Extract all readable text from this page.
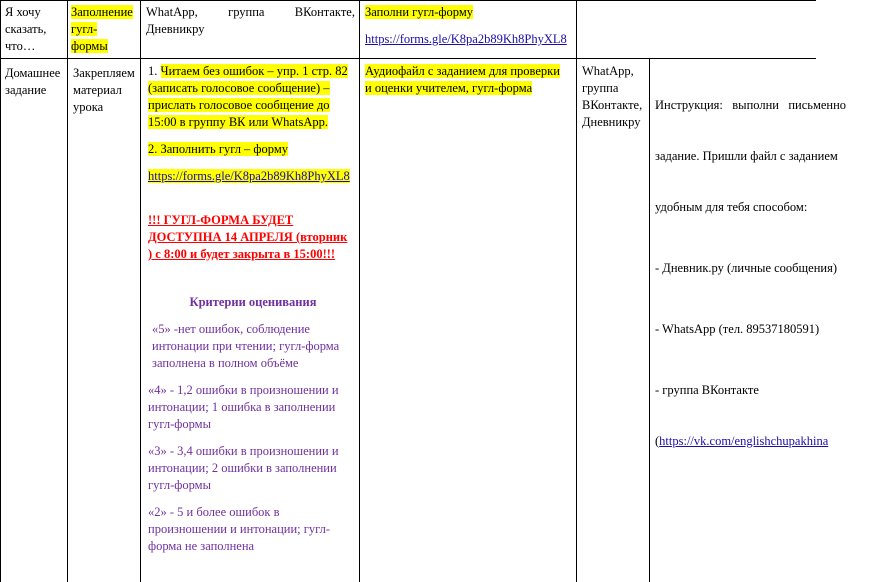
Я хочу

сказать,

что…

Заполнение

гугл-

формы

WhatApp, группа ВКонтакте,

Дневникру

Заполни гугл-форму

https://forms.gle/K8pa2b89Kh8PhyXL8

Домашнее

задание

Закрепляем

материал

урока

1. Читаем без ошибок – упр. 1 стр. 82

(записать голосовое сообщение) –

прислать голосовое сообщение до

15:00 в группу ВК или WhatsApp.

2. Заполнить гугл – форму

https://forms.gle/K8pa2b89Kh8PhyXL8

!!! ГУГЛ-ФОРМА БУДЕТ

ДОСТУПНА 14 АПРЕЛЯ (вторник

) с 8:00 и будет закрыта в 15:00!!!

Критерии оценивания

«5» -нет ошибок, соблюдение

интонации при чтении; гугл-форма

заполнена в полном объёме

«4» - 1,2 ошибки в произношении и

интонации; 1 ошибка в заполнении

гугл-формы

«3» - 3,4 ошибки в произношении и

интонации; 2 ошибки в заполнении

гугл-формы

«2» - 5 и более ошибок в

произношении и интонации; гугл-

форма не заполнена

Аудиофайл с заданием для проверки

и оценки учителем, гугл-форма

WhatApp,

группа

ВКонтакте,

Дневникру

Инструкция:   выполни   письменно

задание. Пришли файл с заданием

удобным для тебя способом:

- Дневник.ру (личные сообщения)

- WhatsApp (тел. 89537180591)

- группа ВКонтакте

(https://vk.com/englishchupakhina
